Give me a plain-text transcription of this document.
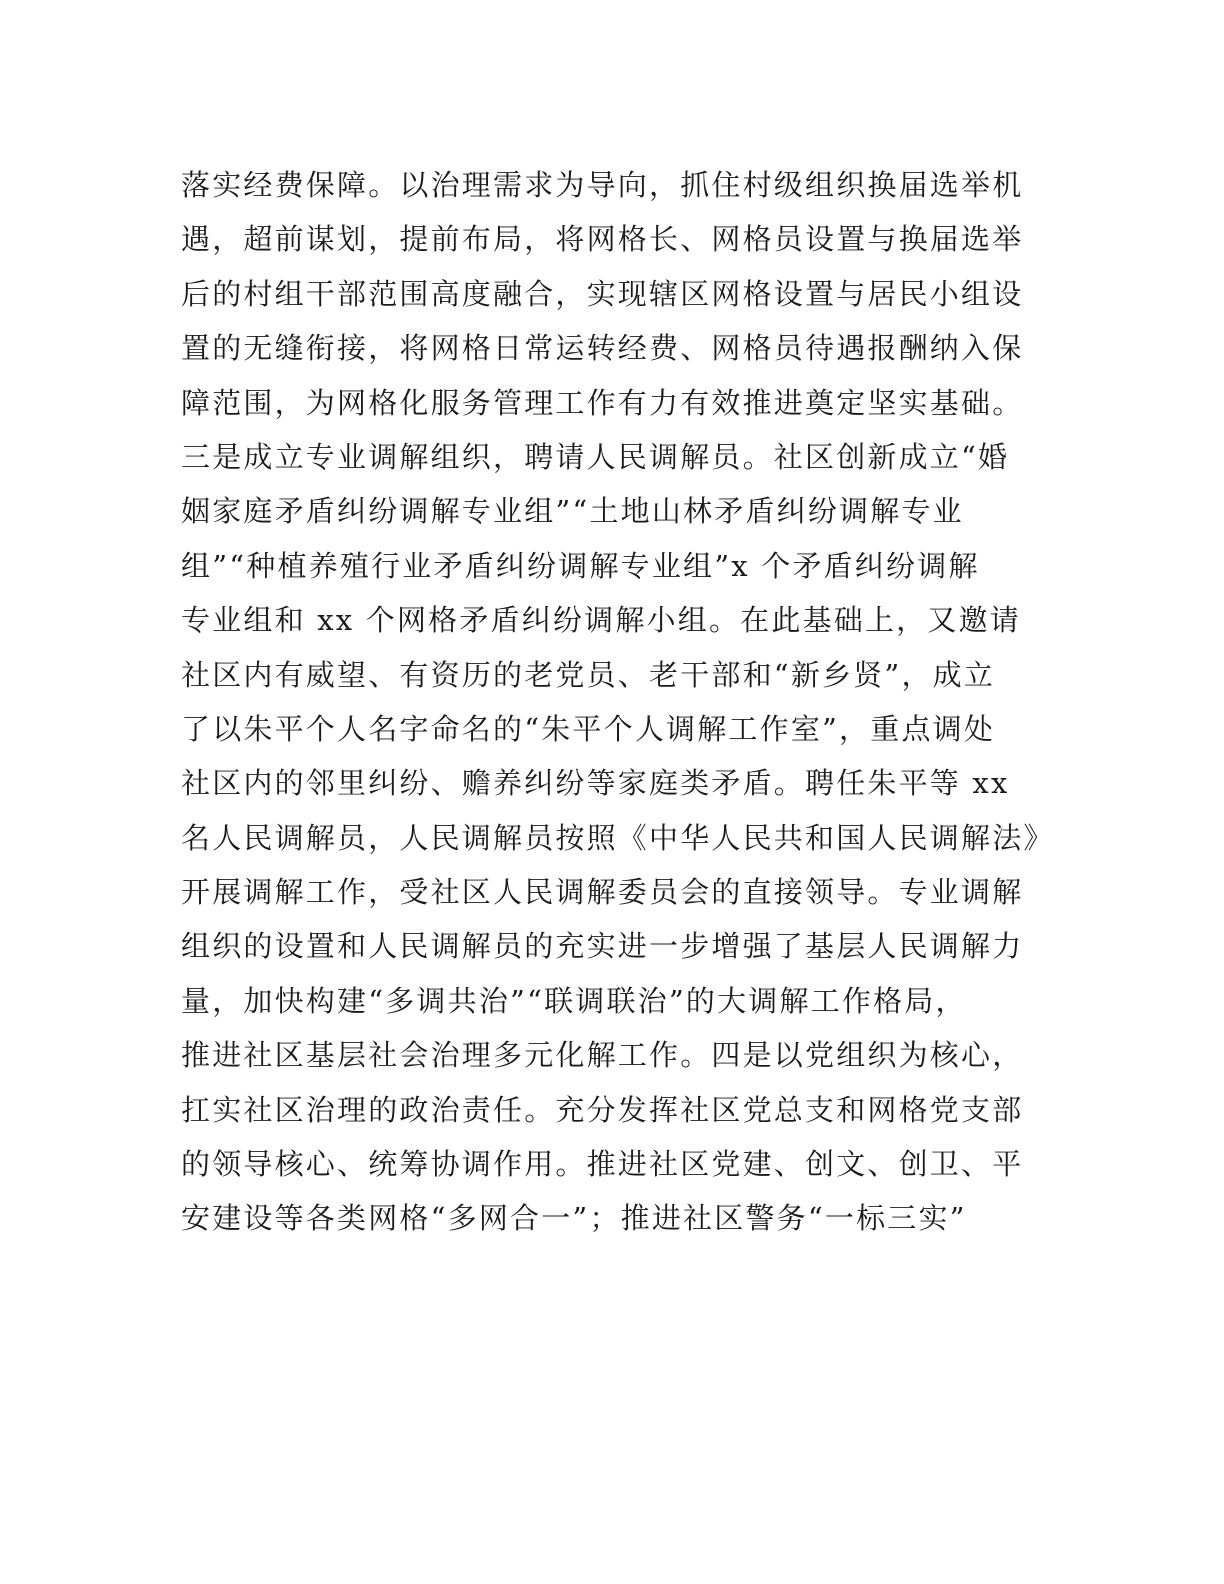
落实经费保障。以治理需求为导向，抓住村级组织换届选举机
遇，超前谋划，提前布局，将网格长、网格员设置与换届选举
后的村组干部范围高度融合，实现辖区网格设置与居民小组设
置的无缝衔接，将网格日常运转经费、网格员待遇报酬纳入保
障范围，为网格化服务管理工作有力有效推进奠定坚实基础。
三是成立专业调解组织，聘请人民调解员。社区创新成立“婚
姻家庭矛盾纠纷调解专业组”“土地山林矛盾纠纷调解专业
组”“种植养殖行业矛盾纠纷调解专业组”x 个矛盾纠纷调解
专业组和 xx 个网格矛盾纠纷调解小组。在此基础上，又邀请
社区内有威望、有资历的老党员、老干部和“新乡贤”，成立
了以朱平个人名字命名的“朱平个人调解工作室”，重点调处
社区内的邻里纠纷、赡养纠纷等家庭类矛盾。聘任朱平等 xx
名人民调解员，人民调解员按照《中华人民共和国人民调解法》
开展调解工作，受社区人民调解委员会的直接领导。专业调解
组织的设置和人民调解员的充实进一步增强了基层人民调解力
量，加快构建“多调共治”“联调联治”的大调解工作格局，
推进社区基层社会治理多元化解工作。四是以党组织为核心，
扛实社区治理的政治责任。充分发挥社区党总支和网格党支部
的领导核心、统筹协调作用。推进社区党建、创文、创卫、平
安建设等各类网格“多网合一”；推进社区警务“一标三实”
